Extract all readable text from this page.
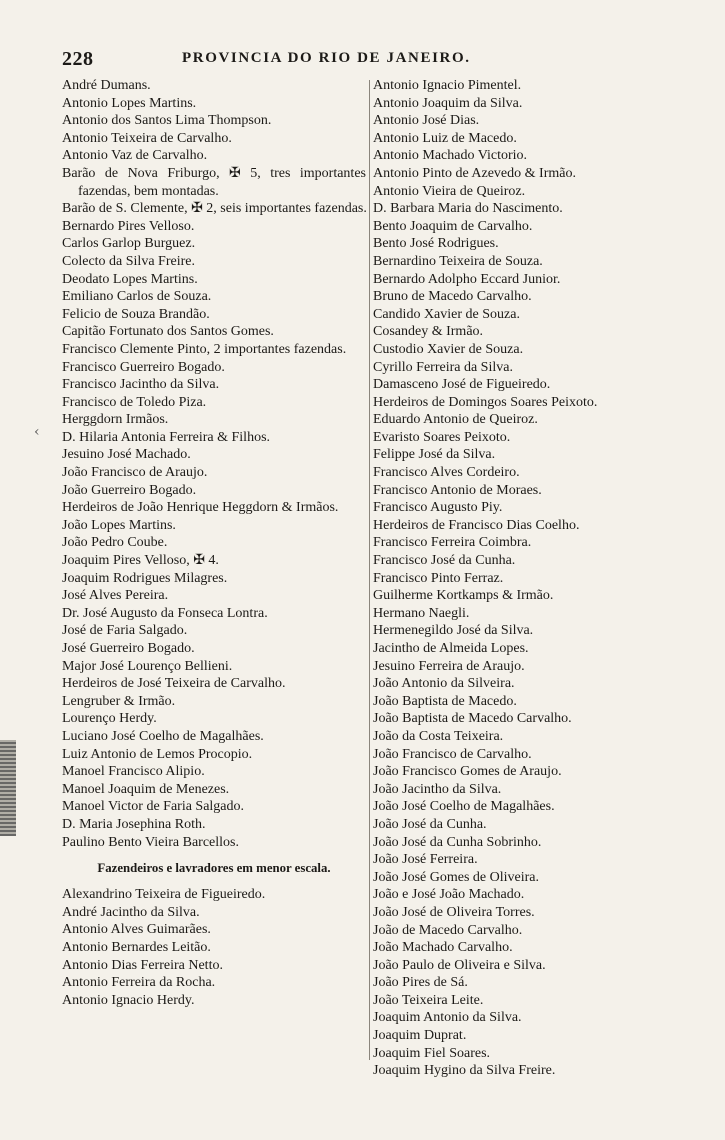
228	PROVINCIA DO RIO DE JANEIRO.
‹
André Dumans.
Antonio Lopes Martins.
Antonio dos Santos Lima Thompson.
Antonio Teixeira de Carvalho.
Antonio Vaz de Carvalho.
Barão de Nova Friburgo, ✠ 5, tres importantes fazendas, bem montadas.
Barão de S. Clemente, ✠ 2, seis importantes fazendas.
Bernardo Pires Velloso.
Carlos Garlop Burguez.
Colecto da Silva Freire.
Deodato Lopes Martins.
Emiliano Carlos de Souza.
Felicio de Souza Brandão.
Capitão Fortunato dos Santos Gomes.
Francisco Clemente Pinto, 2 importantes fazendas.
Francisco Guerreiro Bogado.
Francisco Jacintho da Silva.
Francisco de Toledo Piza.
Herggdorn Irmãos.
D. Hilaria Antonia Ferreira & Filhos.
Jesuino José Machado.
João Francisco de Araujo.
João Guerreiro Bogado.
Herdeiros de João Henrique Heggdorn & Irmãos.
João Lopes Martins.
João Pedro Coube.
Joaquim Pires Velloso, ✠ 4.
Joaquim Rodrigues Milagres.
José Alves Pereira.
Dr. José Augusto da Fonseca Lontra.
José de Faria Salgado.
José Guerreiro Bogado.
Major José Lourenço Bellieni.
Herdeiros de José Teixeira de Carvalho.
Lengruber & Irmão.
Lourenço Herdy.
Luciano José Coelho de Magalhães.
Luiz Antonio de Lemos Procopio.
Manoel Francisco Alipio.
Manoel Joaquim de Menezes.
Manoel Victor de Faria Salgado.
D. Maria Josephina Roth.
Paulino Bento Vieira Barcellos.
Fazendeiros e lavradores em menor escala.
Alexandrino Teixeira de Figueiredo.
André Jacintho da Silva.
Antonio Alves Guimarães.
Antonio Bernardes Leitão.
Antonio Dias Ferreira Netto.
Antonio Ferreira da Rocha.
Antonio Ignacio Herdy.
Antonio Ignacio Pimentel.
Antonio Joaquim da Silva.
Antonio José Dias.
Antonio Luiz de Macedo.
Antonio Machado Victorio.
Antonio Pinto de Azevedo & Irmão.
Antonio Vieira de Queiroz.
D. Barbara Maria do Nascimento.
Bento Joaquim de Carvalho.
Bento José Rodrigues.
Bernardino Teixeira de Souza.
Bernardo Adolpho Eccard Junior.
Bruno de Macedo Carvalho.
Candido Xavier de Souza.
Cosandey & Irmão.
Custodio Xavier de Souza.
Cyrillo Ferreira da Silva.
Damasceno José de Figueiredo.
Herdeiros de Domingos Soares Peixoto.
Eduardo Antonio de Queiroz.
Evaristo Soares Peixoto.
Felippe José da Silva.
Francisco Alves Cordeiro.
Francisco Antonio de Moraes.
Francisco Augusto Piy.
Herdeiros de Francisco Dias Coelho.
Francisco Ferreira Coimbra.
Francisco José da Cunha.
Francisco Pinto Ferraz.
Guilherme Kortkamps & Irmão.
Hermano Naegli.
Hermenegildo José da Silva.
Jacintho de Almeida Lopes.
Jesuino Ferreira de Araujo.
João Antonio da Silveira.
João Baptista de Macedo.
João Baptista de Macedo Carvalho.
João da Costa Teixeira.
João Francisco de Carvalho.
João Francisco Gomes de Araujo.
João Jacintho da Silva.
João José Coelho de Magalhães.
João José da Cunha.
João José da Cunha Sobrinho.
João José Ferreira.
João José Gomes de Oliveira.
João e José João Machado.
João José de Oliveira Torres.
João de Macedo Carvalho.
João Machado Carvalho.
João Paulo de Oliveira e Silva.
João Pires de Sá.
João Teixeira Leite.
Joaquim Antonio da Silva.
Joaquim Duprat.
Joaquim Fiel Soares.
Joaquim Hygino da Silva Freire.
